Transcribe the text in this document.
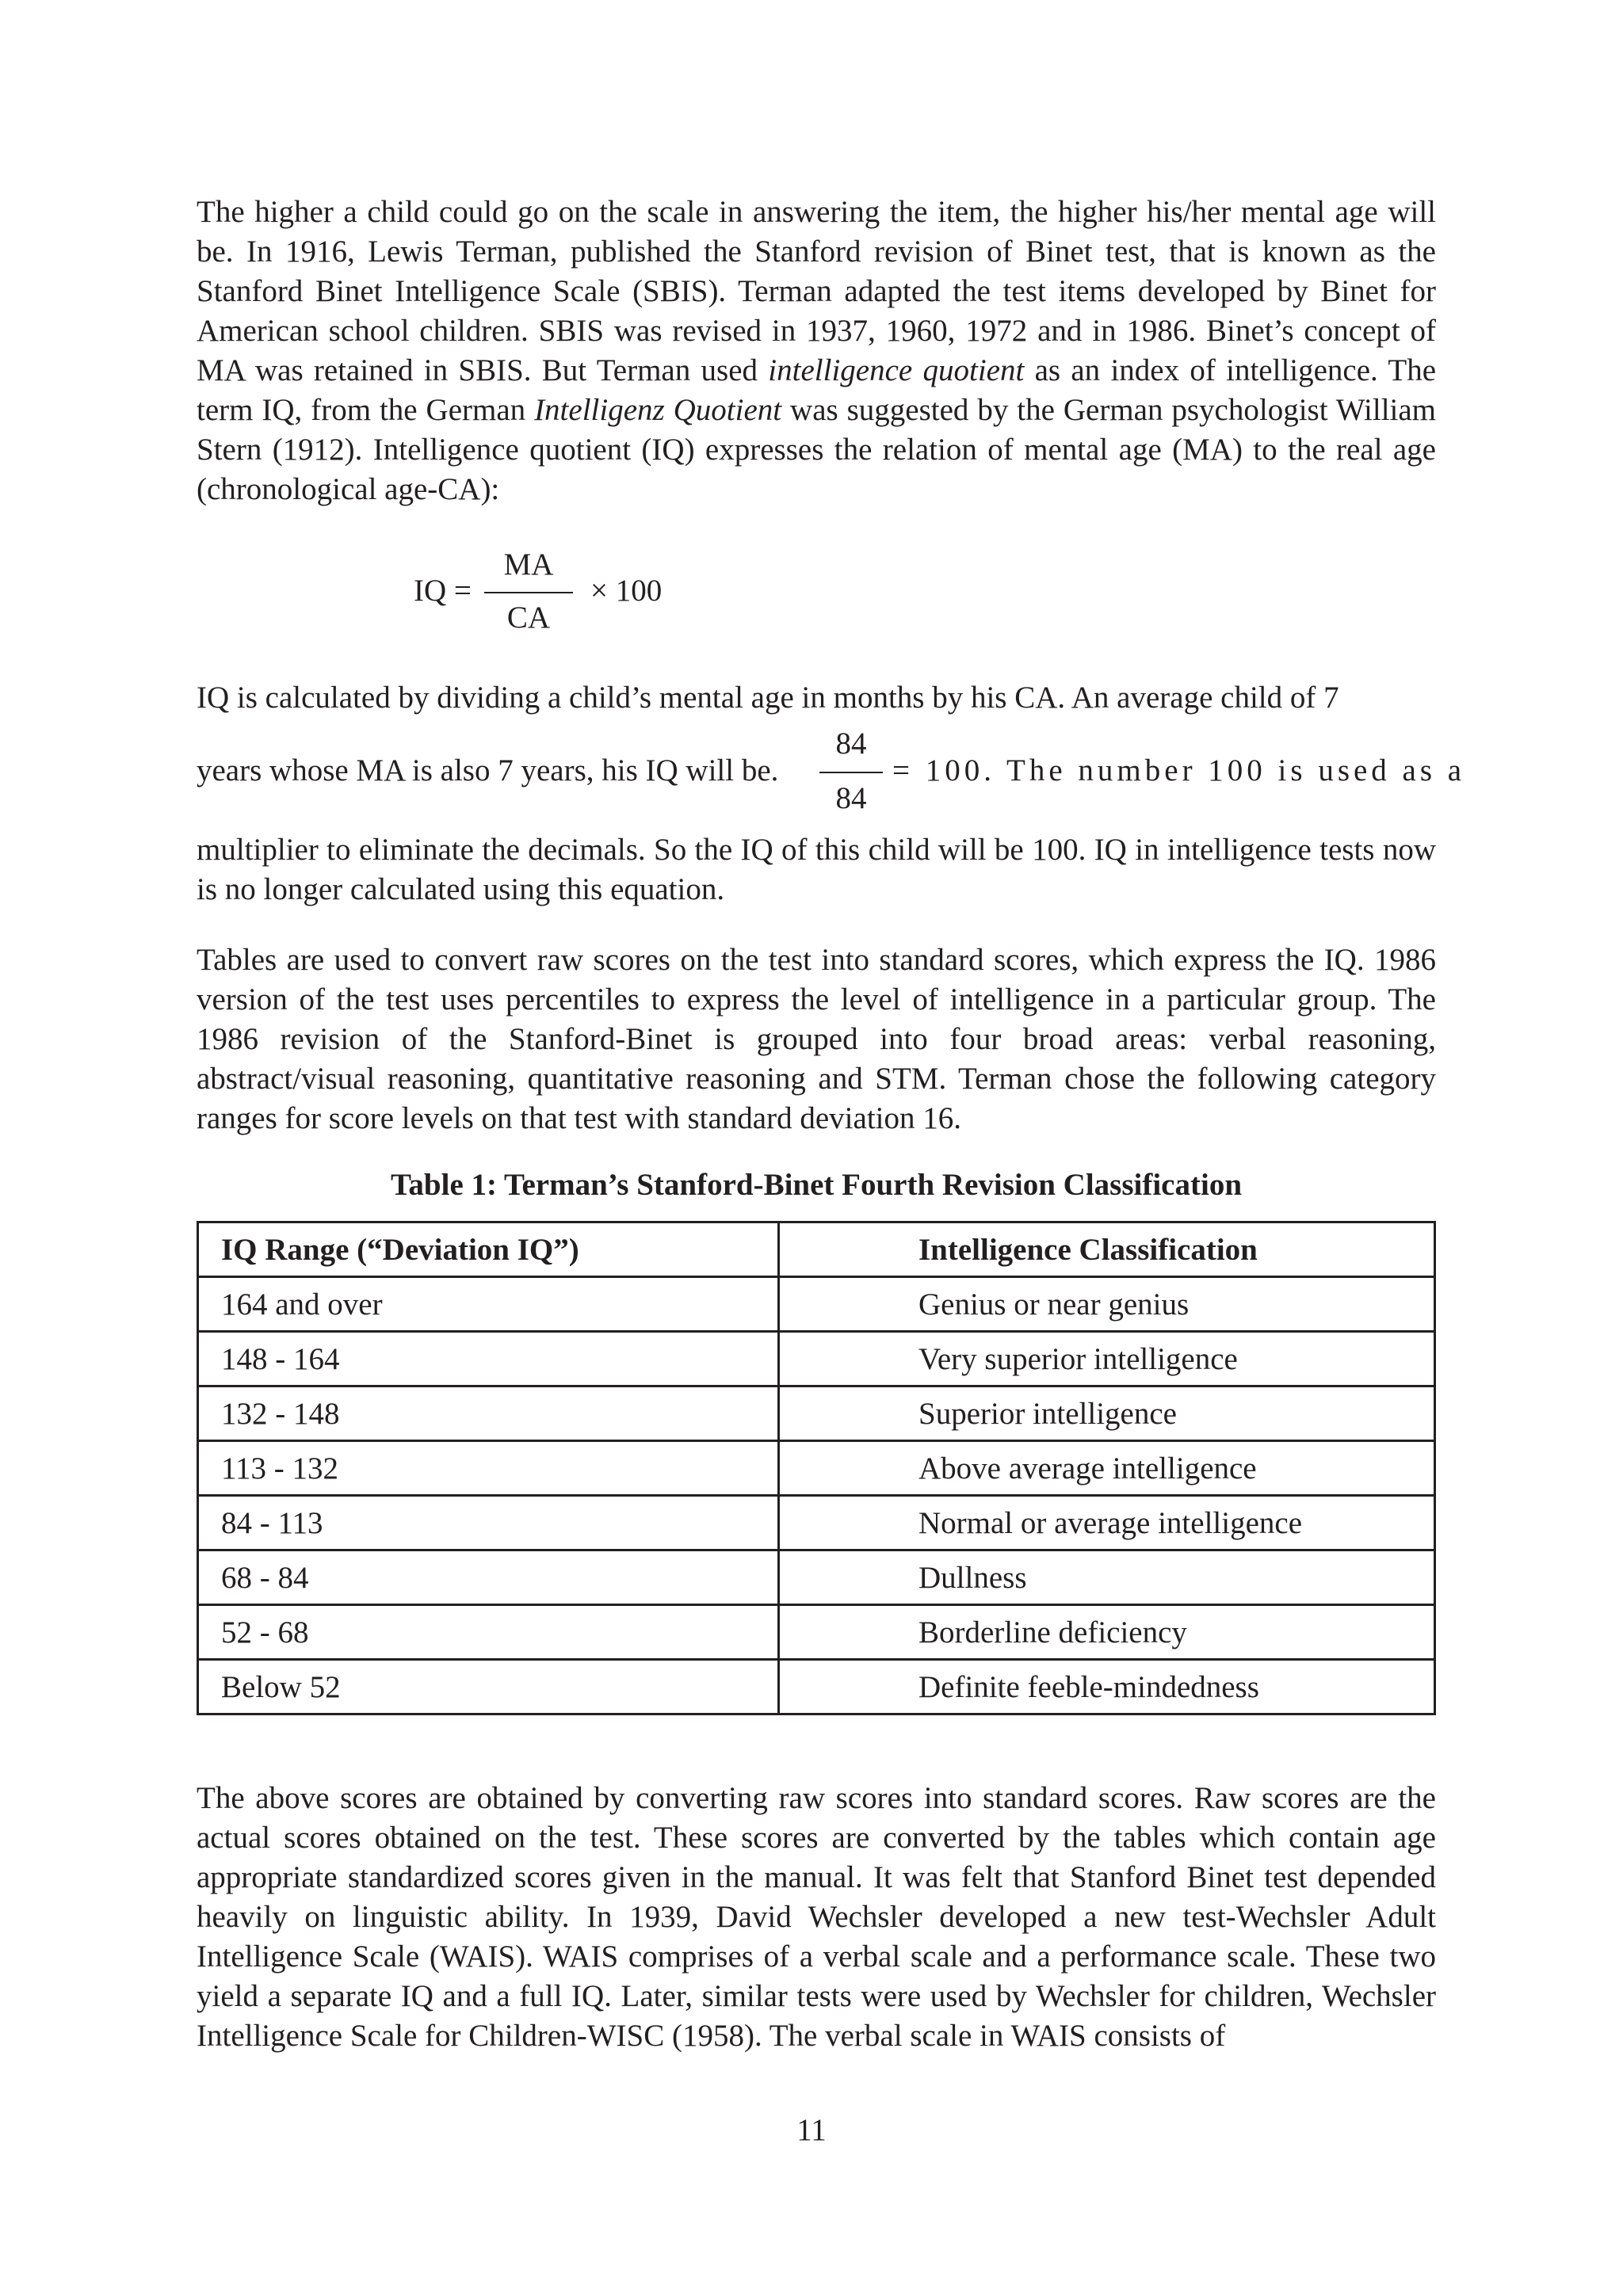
The higher a child could go on the scale in answering the item, the higher his/her mental age will be. In 1916, Lewis Terman, published the Stanford revision of Binet test, that is known as the Stanford Binet Intelligence Scale (SBIS). Terman adapted the test items developed by Binet for American school children. SBIS was revised in 1937, 1960, 1972 and in 1986. Binet’s concept of MA was retained in SBIS. But Terman used intelligence quotient as an index of intelligence. The term IQ, from the German Intelligenz Quotient was suggested by the German psychologist William Stern (1912). Intelligence quotient (IQ) expresses the relation of mental age (MA) to the real age (chronological age-CA):

IQ =
MA
CA
× 100

IQ is calculated by dividing a child’s mental age in months by his CA. An average child of 7

years whose MA is also 7 years, his IQ will be.
84
84
= 100. The number 100 is used as a

multiplier to eliminate the decimals. So the IQ of this child will be 100. IQ in intelligence tests now is no longer calculated using this equation.

Tables are used to convert raw scores on the test into standard scores, which express the IQ. 1986 version of the test uses percentiles to express the level of intelligence in a particular group. The 1986 revision of the Stanford-Binet is grouped into four broad areas: verbal reasoning, abstract/visual reasoning, quantitative reasoning and STM. Terman chose the following category ranges for score levels on that test with standard deviation 16.

Table 1: Terman’s Stanford-Binet Fourth Revision Classification

IQ Range (“Deviation IQ”)	Intelligence Classification
164 and over	Genius or near genius
148 - 164	Very superior intelligence
132 - 148	Superior intelligence
113 - 132	Above average intelligence
84 - 113	Normal or average intelligence
68 - 84	Dullness
52 - 68	Borderline deficiency
Below 52	Definite feeble-mindedness

The above scores are obtained by converting raw scores into standard scores. Raw scores are the actual scores obtained on the test. These scores are converted by the tables which contain age appropriate standardized scores given in the manual. It was felt that Stanford Binet test depended heavily on linguistic ability. In 1939, David Wechsler developed a new test-Wechsler Adult Intelligence Scale (WAIS). WAIS comprises of a verbal scale and a performance scale. These two yield a separate IQ and a full IQ. Later, similar tests were used by Wechsler for children, Wechsler Intelligence Scale for Children-WISC (1958). The verbal scale in WAIS consists of

11
